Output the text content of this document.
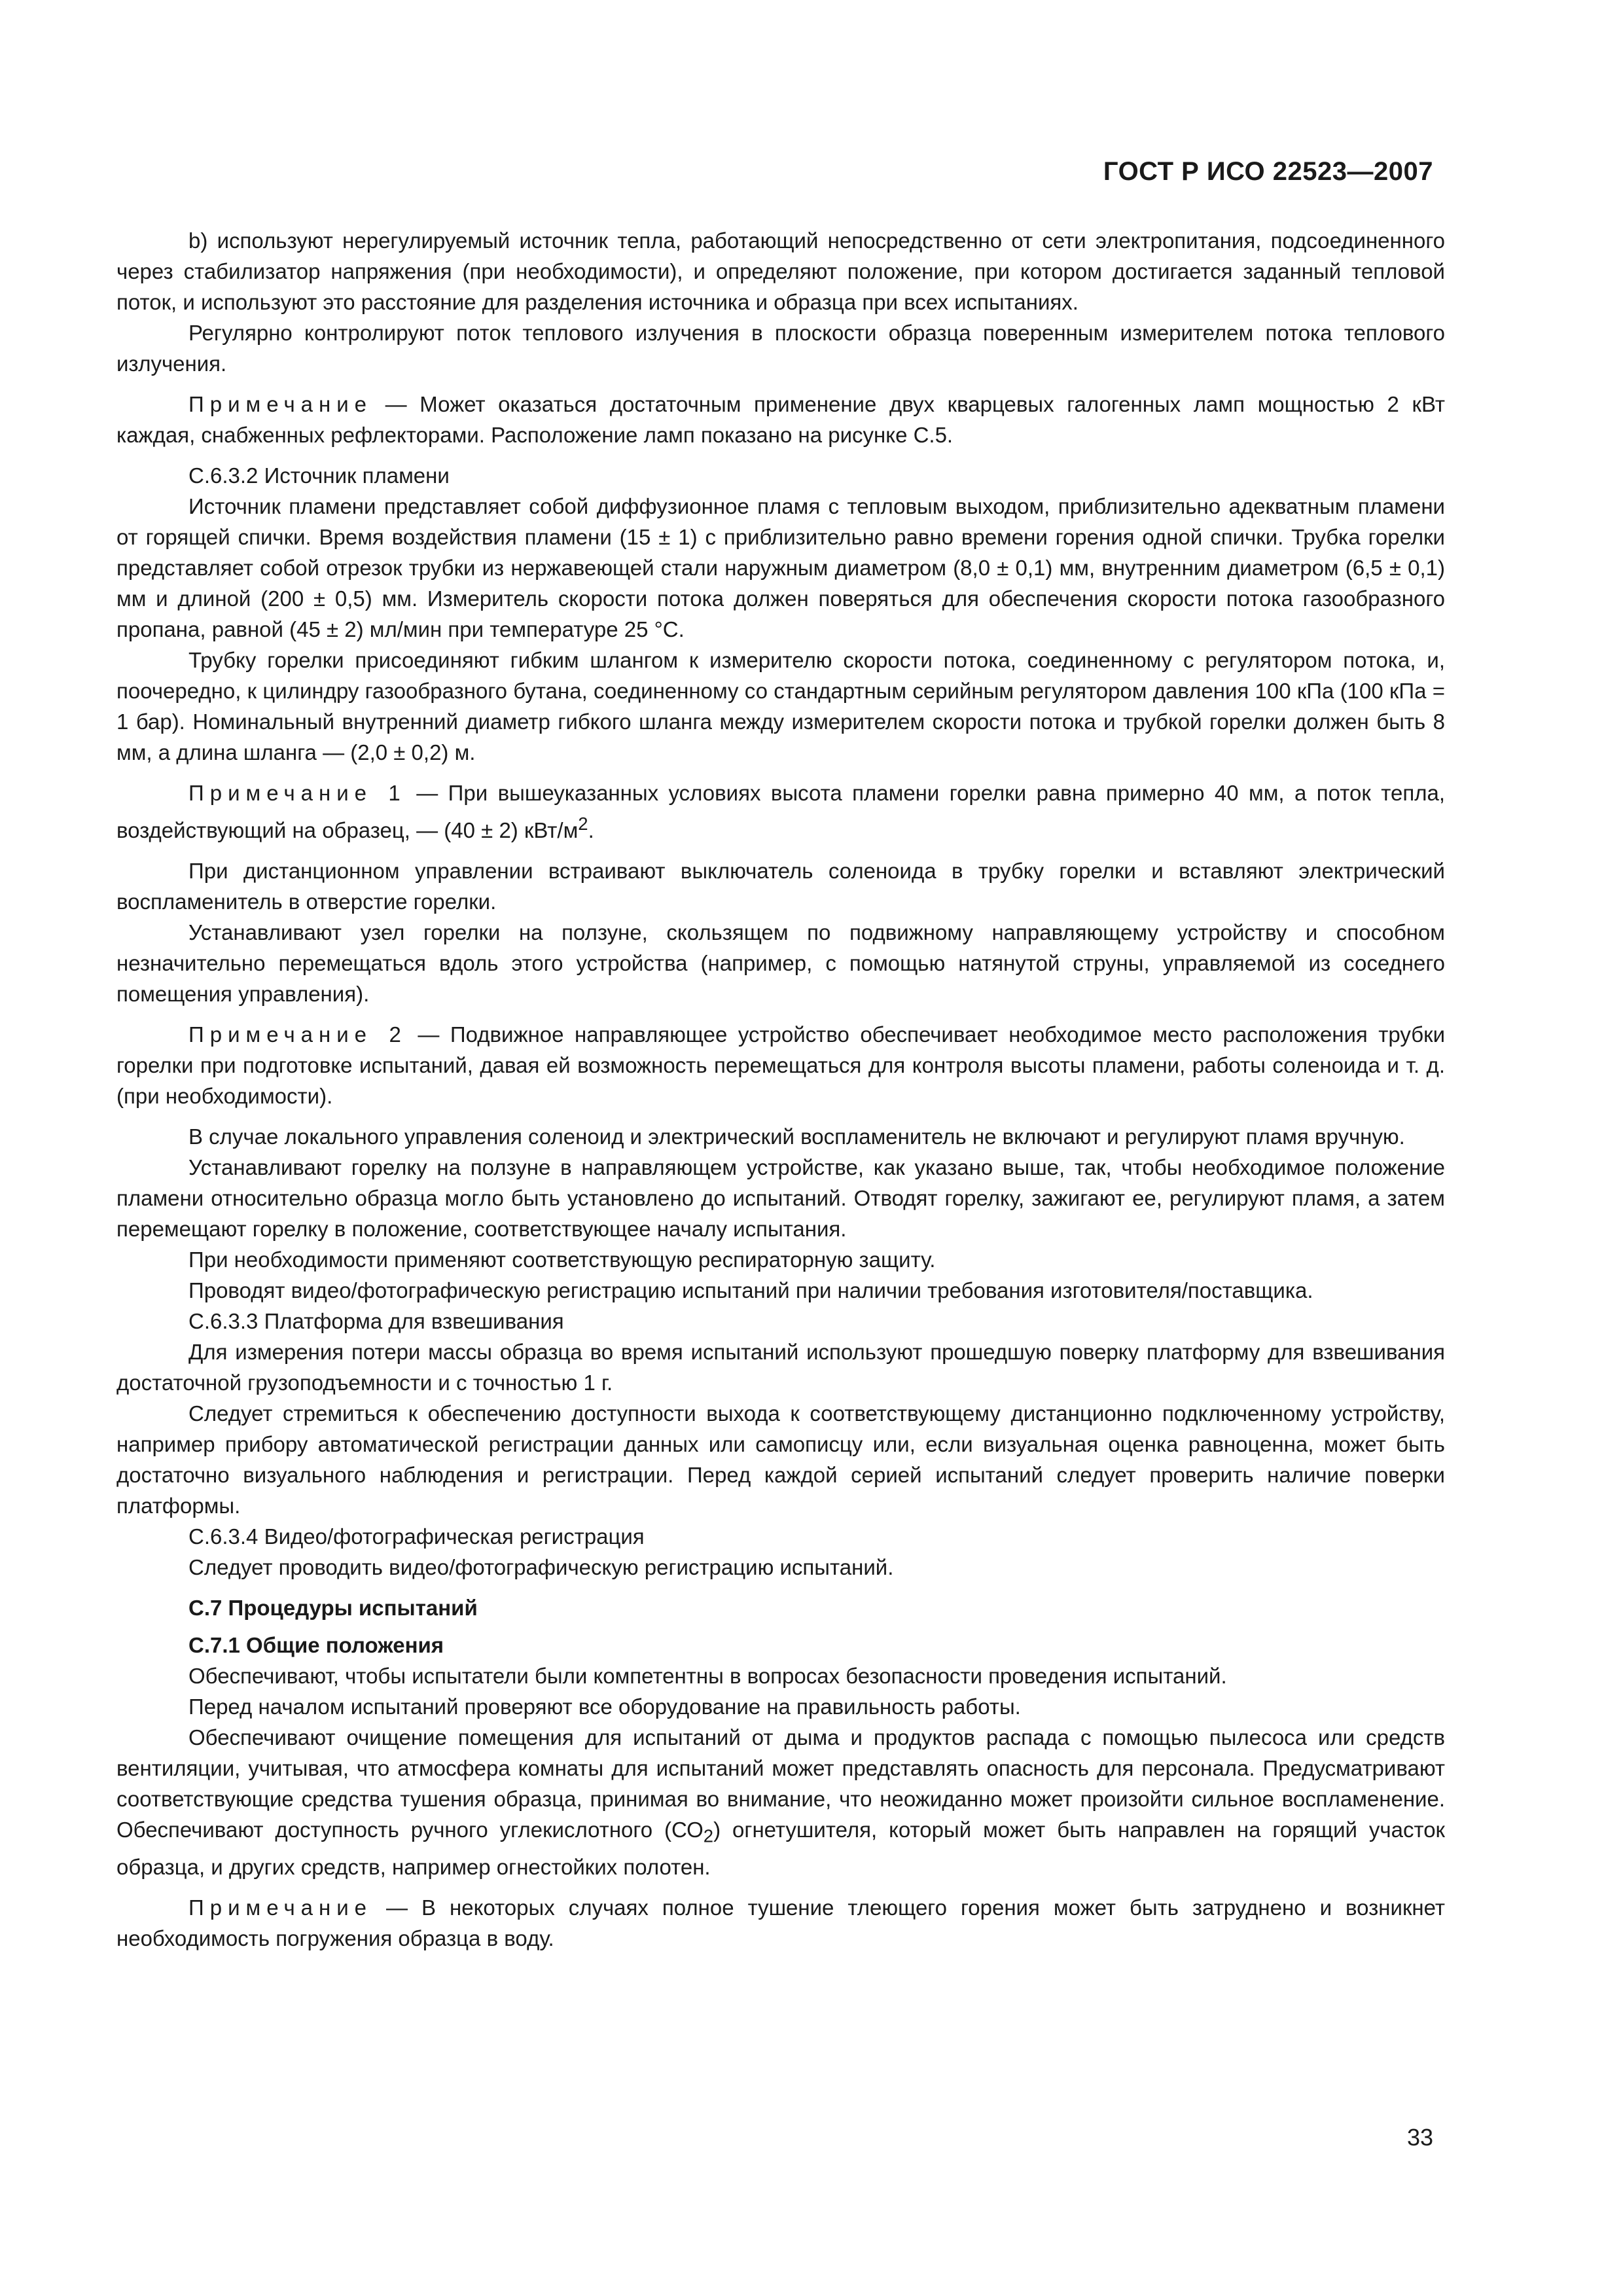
ГОСТ Р ИСО 22523—2007

b) используют нерегулируемый источник тепла, работающий непосредственно от сети электропитания, подсоединенного через стабилизатор напряжения (при необходимости), и определяют положение, при котором достигается заданный тепловой поток, и используют это расстояние для разделения источника и образца при всех испытаниях.

Регулярно контролируют поток теплового излучения в плоскости образца поверенным измерителем потока теплового излучения.

Примечание — Может оказаться достаточным применение двух кварцевых галогенных ламп мощностью 2 кВт каждая, снабженных рефлекторами. Расположение ламп показано на рисунке С.5.

С.6.3.2 Источник пламени

Источник пламени представляет собой диффузионное пламя с тепловым выходом, приблизительно адекватным пламени от горящей спички. Время воздействия пламени (15 ± 1) с приблизительно равно времени горения одной спички. Трубка горелки представляет собой отрезок трубки из нержавеющей стали наружным диаметром (8,0 ± 0,1) мм, внутренним диаметром (6,5 ± 0,1) мм и длиной (200 ± 0,5) мм. Измеритель скорости потока должен поверяться для обеспечения скорости потока газообразного пропана, равной (45 ± 2) мл/мин при температуре 25 °С.

Трубку горелки присоединяют гибким шлангом к измерителю скорости потока, соединенному с регулятором потока, и, поочередно, к цилиндру газообразного бутана, соединенному со стандартным серийным регулятором давления 100 кПа (100 кПа = 1 бар). Номинальный внутренний диаметр гибкого шланга между измерителем скорости потока и трубкой горелки должен быть 8 мм, а длина шланга — (2,0 ± 0,2) м.

Примечание 1 — При вышеуказанных условиях высота пламени горелки равна примерно 40 мм, а поток тепла, воздействующий на образец, — (40 ± 2) кВт/$м^2$.

При дистанционном управлении встраивают выключатель соленоида в трубку горелки и вставляют электрический воспламенитель в отверстие горелки.

Устанавливают узел горелки на ползуне, скользящем по подвижному направляющему устройству и способном незначительно перемещаться вдоль этого устройства (например, с помощью натянутой струны, управляемой из соседнего помещения управления).

Примечание 2 — Подвижное направляющее устройство обеспечивает необходимое место расположения трубки горелки при подготовке испытаний, давая ей возможность перемещаться для контроля высоты пламени, работы соленоида и т. д. (при необходимости).

В случае локального управления соленоид и электрический воспламенитель не включают и регулируют пламя вручную.

Устанавливают горелку на ползуне в направляющем устройстве, как указано выше, так, чтобы необходимое положение пламени относительно образца могло быть установлено до испытаний. Отводят горелку, зажигают ее, регулируют пламя, а затем перемещают горелку в положение, соответствующее началу испытания.

При необходимости применяют соответствующую респираторную защиту.

Проводят видео/фотографическую регистрацию испытаний при наличии требования изготовителя/поставщика.

С.6.3.3 Платформа для взвешивания

Для измерения потери массы образца во время испытаний используют прошедшую поверку платформу для взвешивания достаточной грузоподъемности и с точностью 1 г.

Следует стремиться к обеспечению доступности выхода к соответствующему дистанционно подключенному устройству, например прибору автоматической регистрации данных или самописцу или, если визуальная оценка равноценна, может быть достаточно визуального наблюдения и регистрации. Перед каждой серией испытаний следует проверить наличие поверки платформы.

С.6.3.4 Видео/фотографическая регистрация

Следует проводить видео/фотографическую регистрацию испытаний.

С.7 Процедуры испытаний

С.7.1 Общие положения

Обеспечивают, чтобы испытатели были компетентны в вопросах безопасности проведения испытаний.

Перед началом испытаний проверяют все оборудование на правильность работы.

Обеспечивают очищение помещения для испытаний от дыма и продуктов распада с помощью пылесоса или средств вентиляции, учитывая, что атмосфера комнаты для испытаний может представлять опасность для персонала. Предусматривают соответствующие средства тушения образца, принимая во внимание, что неожиданно может произойти сильное воспламенение. Обеспечивают доступность ручного углекислотного $(СО_2)$ огнетушителя, который может быть направлен на горящий участок образца, и других средств, например огнестойких полотен.

Примечание — В некоторых случаях полное тушение тлеющего горения может быть затруднено и возникнет необходимость погружения образца в воду.

33
